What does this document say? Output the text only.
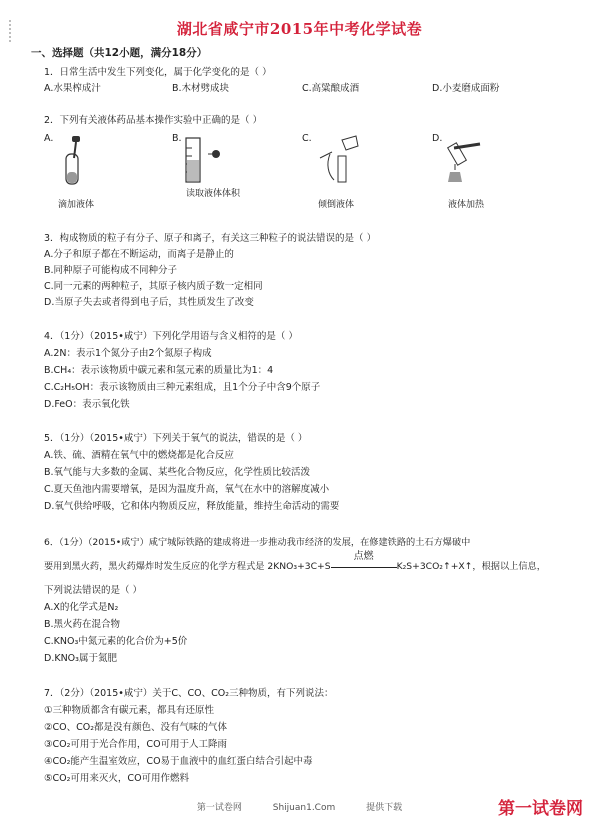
湖北省咸宁市2015年中考化学试卷
一、选择题（共12小题，满分18分）
1．日常生活中发生下列变化，属于化学变化的是（ ）
A.水果榨成汁	B.木材劈成块	C.高粱酿成酒	D.小麦磨成面粉
2．下列有关液体药品基本操作实验中正确的是（ ）
A.	B.	C.	D.
滴加液体
读取液体体积
倾倒液体	液体加热
3．构成物质的粒子有分子、原子和离子，有关这三种粒子的说法错误的是（ ）
A.分子和原子都在不断运动，而离子是静止的
B.同种原子可能构成不同种分子
C.同一元素的两种粒子，其原子核内质子数一定相同
D.当原子失去或者得到电子后，其性质发生了改变
4．（1分）（2015•咸宁）下列化学用语与含义相符的是（ ）
A.2N：表示1个氮分子由2个氮原子构成
B.CH₄：表示该物质中碳元素和氢元素的质量比为1：4
C.C₂H₅OH：表示该物质由三种元素组成，且1个分子中含9个原子
D.FeO：表示氧化铁
5．（1分）（2015•咸宁）下列关于氧气的说法，错误的是（ ）
A.铁、硫、酒精在氧气中的燃烧都是化合反应
B.氧气能与大多数的金属、某些化合物反应，化学性质比较活泼
C.夏天鱼池内需要增氧，是因为温度升高，氧气在水中的溶解度减小
D.氧气供给呼吸，它和体内物质反应，释放能量，维持生命活动的需要
6．（1分）（2015•咸宁）咸宁城际铁路的建成将进一步推动我市经济的发展，在修建铁路的土石方爆破中
要用到黑火药，黑火药爆炸时发生反应的化学方程式是 2KNO₃+3C+S
点燃
K₂S+3CO₂↑+X↑，根据以上信息，
下列说法错误的是（ ）
A.X的化学式是N₂
B.黑火药在混合物
C.KNO₃中氮元素的化合价为+5价
D.KNO₃属于氮肥
7．（2分）（2015•咸宁）关于C、CO、CO₂三种物质，有下列说法：
①三种物质都含有碳元素，都具有还原性
②CO、CO₂都是没有颜色、没有气味的气体
③CO₂可用于光合作用，CO可用于人工降雨
④CO₂能产生温室效应，CO易于血液中的血红蛋白结合引起中毒
⑤CO₂可用来灭火，CO可用作燃料
第一试卷网	Shijuan1.Com	提供下载	第一试卷网
